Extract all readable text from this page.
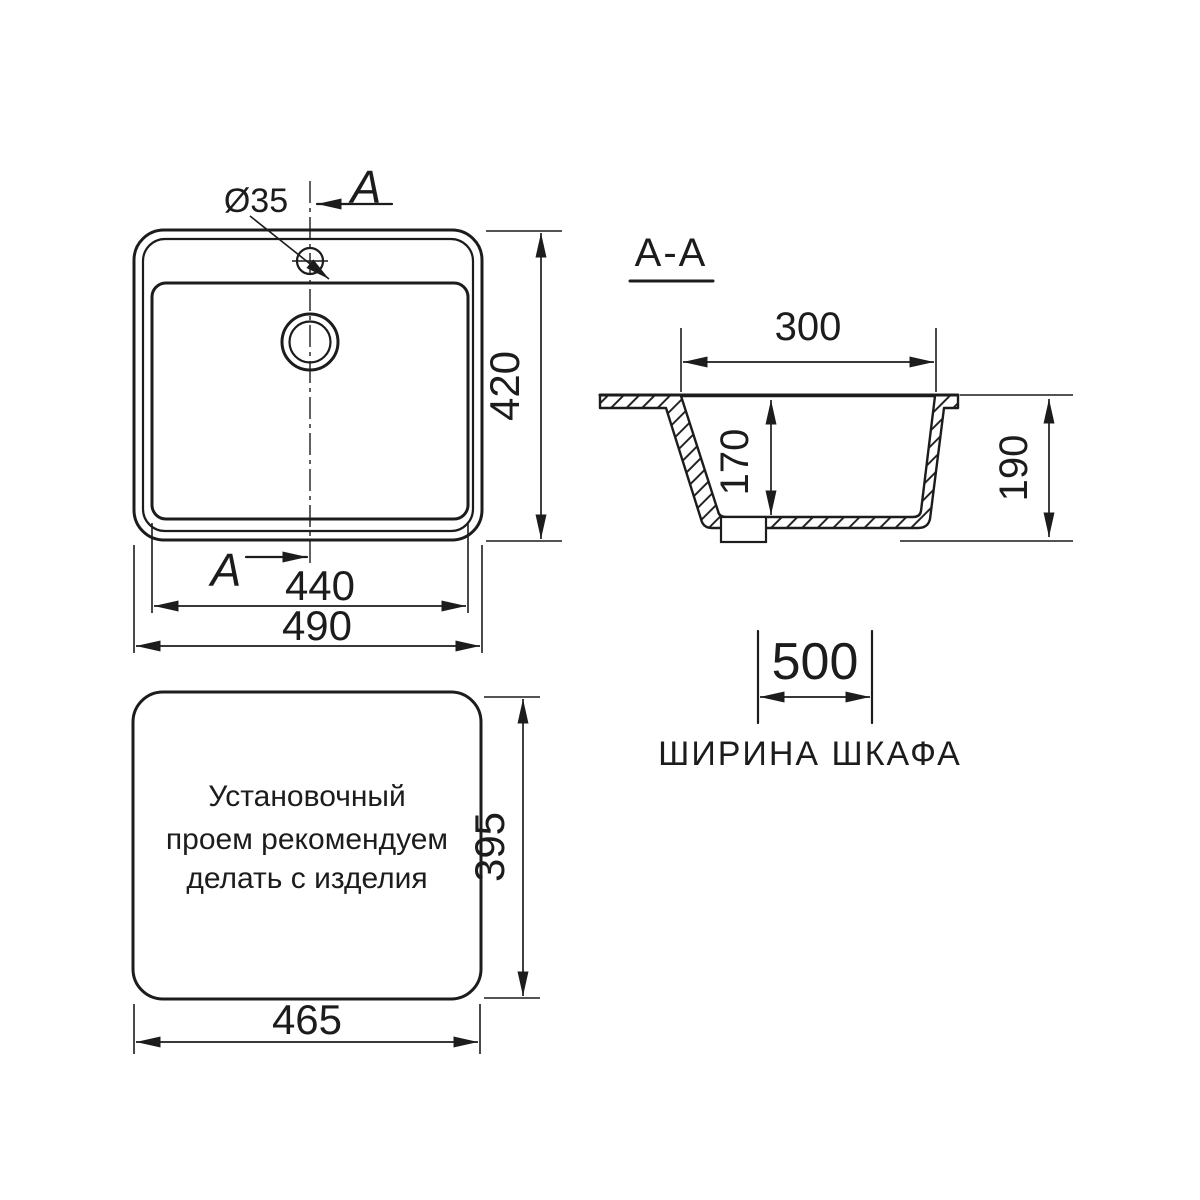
Ø35 A
A
420
440
490
A-A
300
170	190
Установочный
проем рекомендуем
делать с изделия 395
465
500
ШИРИНА ШКАФА
